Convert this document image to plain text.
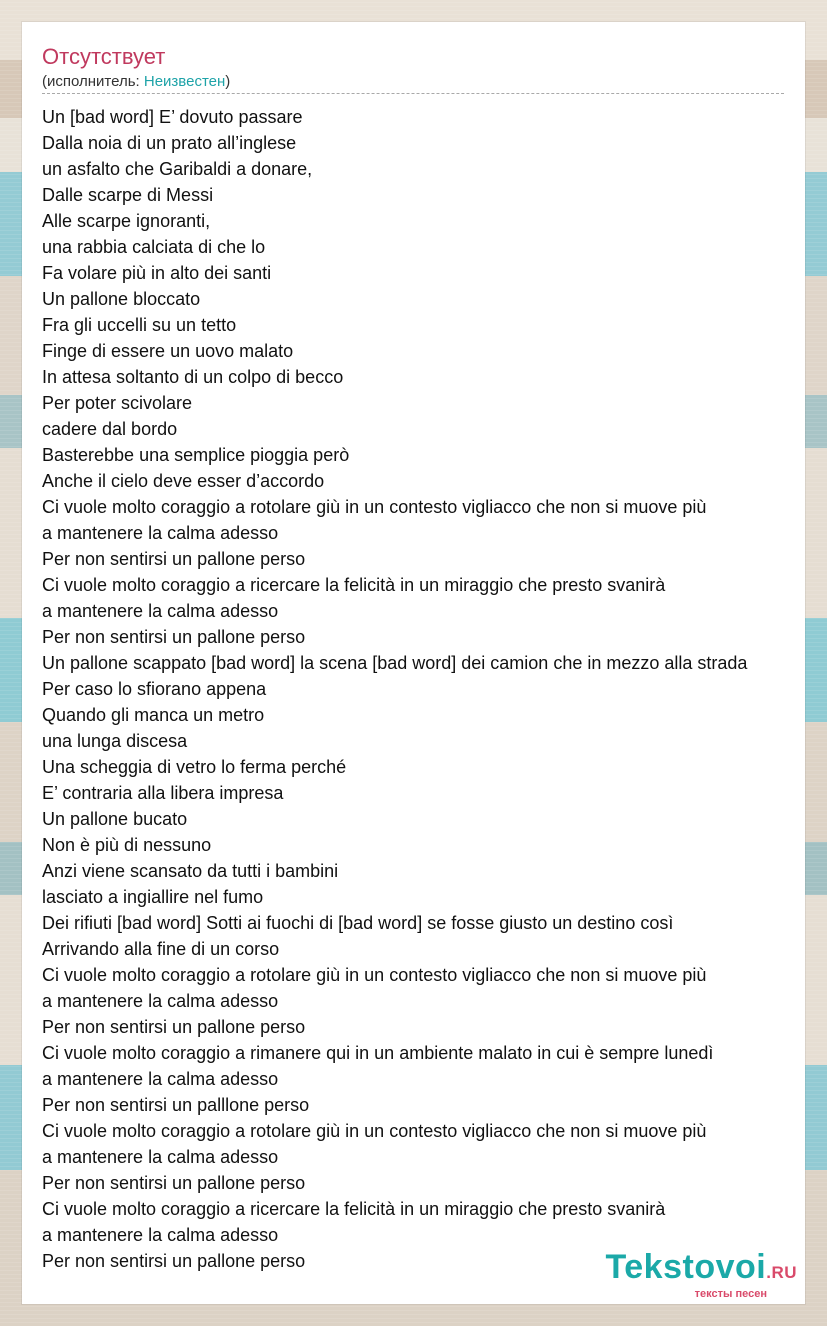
Отсутствует
(исполнитель: Неизвестен)
Un [bad word] E’ dovuto passare
Dalla noia di un prato all’inglese
un asfalto che Garibaldi a donare,
Dalle scarpe di Messi
Alle scarpe ignoranti,
una rabbia calciata di che lo
Fa volare più in alto dei santi
Un pallone bloccato
Fra gli uccelli su un tetto
Finge di essere un uovo malato
In attesa soltanto di un colpo di becco
Per poter scivolare
cadere dal bordo
Basterebbe una semplice pioggia però
Anche il cielo deve esser d’accordo
Ci vuole molto coraggio a rotolare giù in un contesto vigliacco che non si muove più
a mantenere la calma adesso
Per non sentirsi un pallone perso
Ci vuole molto coraggio a ricercare la felicità in un miraggio che presto svanirà
a mantenere la calma adesso
Per non sentirsi un pallone perso
Un pallone scappato [bad word] la scena [bad word] dei camion che in mezzo alla strada
Per caso lo sfiorano appena
Quando gli manca un metro
una lunga discesa
Una scheggia di vetro lo ferma perché
E’ contraria alla libera impresa
Un pallone bucato
Non è più di nessuno
Anzi viene scansato da tutti i bambini
lasciato a ingiallire nel fumo
Dei rifiuti [bad word] Sotti ai fuochi di [bad word] se fosse giusto un destino così
Arrivando alla fine di un corso
Ci vuole molto coraggio a rotolare giù in un contesto vigliacco che non si muove più
a mantenere la calma adesso
Per non sentirsi un pallone perso
Ci vuole molto coraggio a rimanere qui in un ambiente malato in cui è sempre lunedì
a mantenere la calma adesso
Per non sentirsi un palllone perso
Ci vuole molto coraggio a rotolare giù in un contesto vigliacco che non si muove più
a mantenere la calma adesso
Per non sentirsi un pallone perso
Ci vuole molto coraggio a ricercare la felicità in un miraggio che presto svanirà
a mantenere la calma adesso
Per non sentirsi un pallone perso	Tekstovoi.RU
тексты песен
